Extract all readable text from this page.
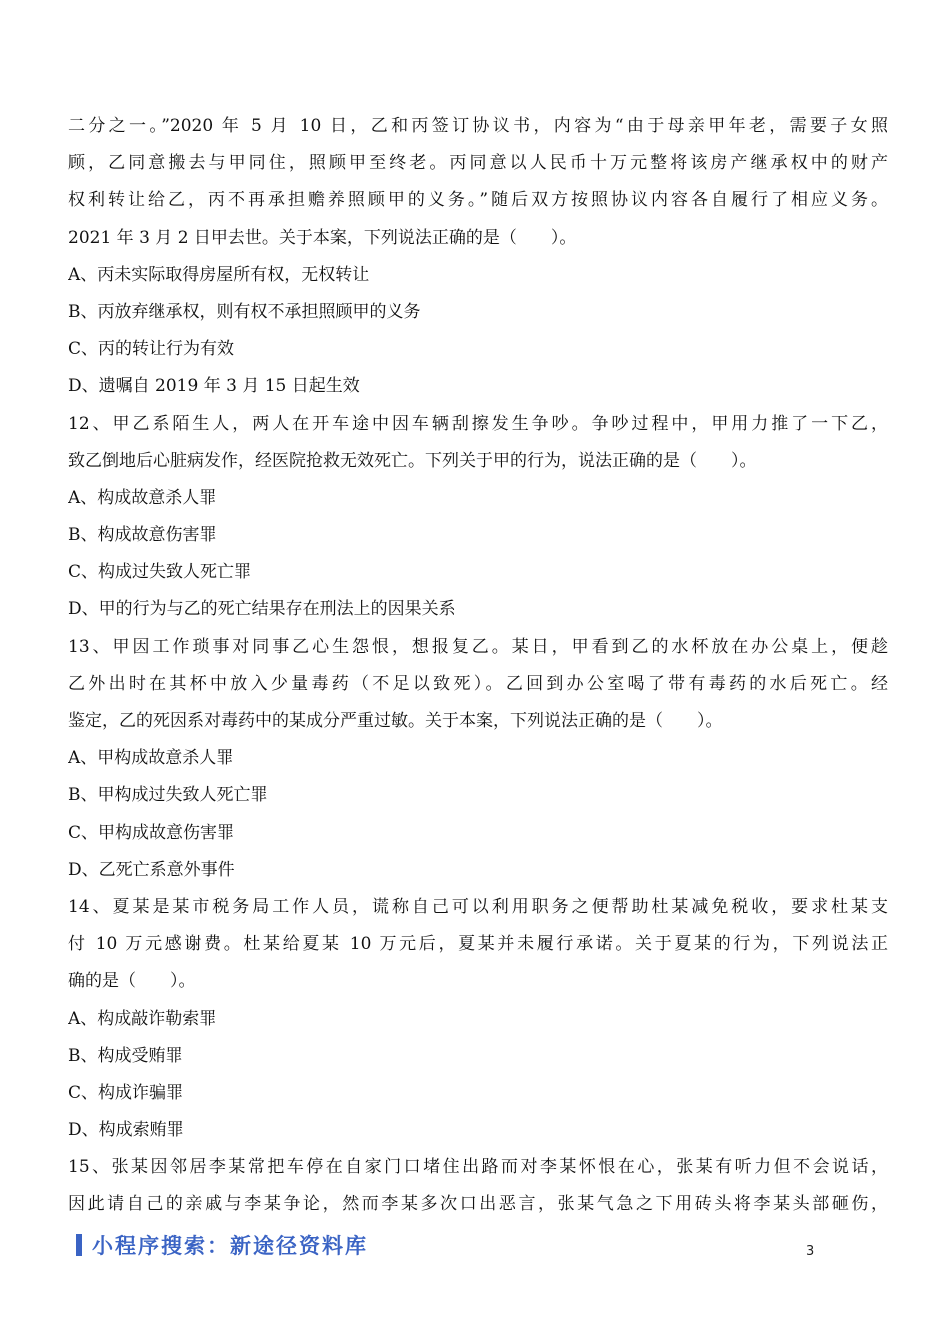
二分之一。”2020 年 5 月 10 日，乙和丙签订协议书，内容为“由于母亲甲年老，需要子女照
顾，乙同意搬去与甲同住，照顾甲至终老。丙同意以人民币十万元整将该房产继承权中的财产
权利转让给乙，丙不再承担赡养照顾甲的义务。”随后双方按照协议内容各自履行了相应义务。
2021 年 3 月 2 日甲去世。关于本案，下列说法正确的是（　　）。
A、丙未实际取得房屋所有权，无权转让
B、丙放弃继承权，则有权不承担照顾甲的义务
C、丙的转让行为有效
D、遗嘱自 2019 年 3 月 15 日起生效
12、甲乙系陌生人，两人在开车途中因车辆刮擦发生争吵。争吵过程中，甲用力推了一下乙，
致乙倒地后心脏病发作，经医院抢救无效死亡。下列关于甲的行为，说法正确的是（　　）。
A、构成故意杀人罪
B、构成故意伤害罪
C、构成过失致人死亡罪
D、甲的行为与乙的死亡结果存在刑法上的因果关系
13、甲因工作琐事对同事乙心生怨恨，想报复乙。某日，甲看到乙的水杯放在办公桌上，便趁
乙外出时在其杯中放入少量毒药（不足以致死）。乙回到办公室喝了带有毒药的水后死亡。经
鉴定，乙的死因系对毒药中的某成分严重过敏。关于本案，下列说法正确的是（　　）。
A、甲构成故意杀人罪
B、甲构成过失致人死亡罪
C、甲构成故意伤害罪
D、乙死亡系意外事件
14、夏某是某市税务局工作人员，谎称自己可以利用职务之便帮助杜某减免税收，要求杜某支
付 10 万元感谢费。杜某给夏某 10 万元后，夏某并未履行承诺。关于夏某的行为，下列说法正
确的是（　　）。
A、构成敲诈勒索罪
B、构成受贿罪
C、构成诈骗罪
D、构成索贿罪
15、张某因邻居李某常把车停在自家门口堵住出路而对李某怀恨在心，张某有听力但不会说话，
因此请自己的亲戚与李某争论，然而李某多次口出恶言，张某气急之下用砖头将李某头部砸伤，
小程序搜索：新途径资料库	3
